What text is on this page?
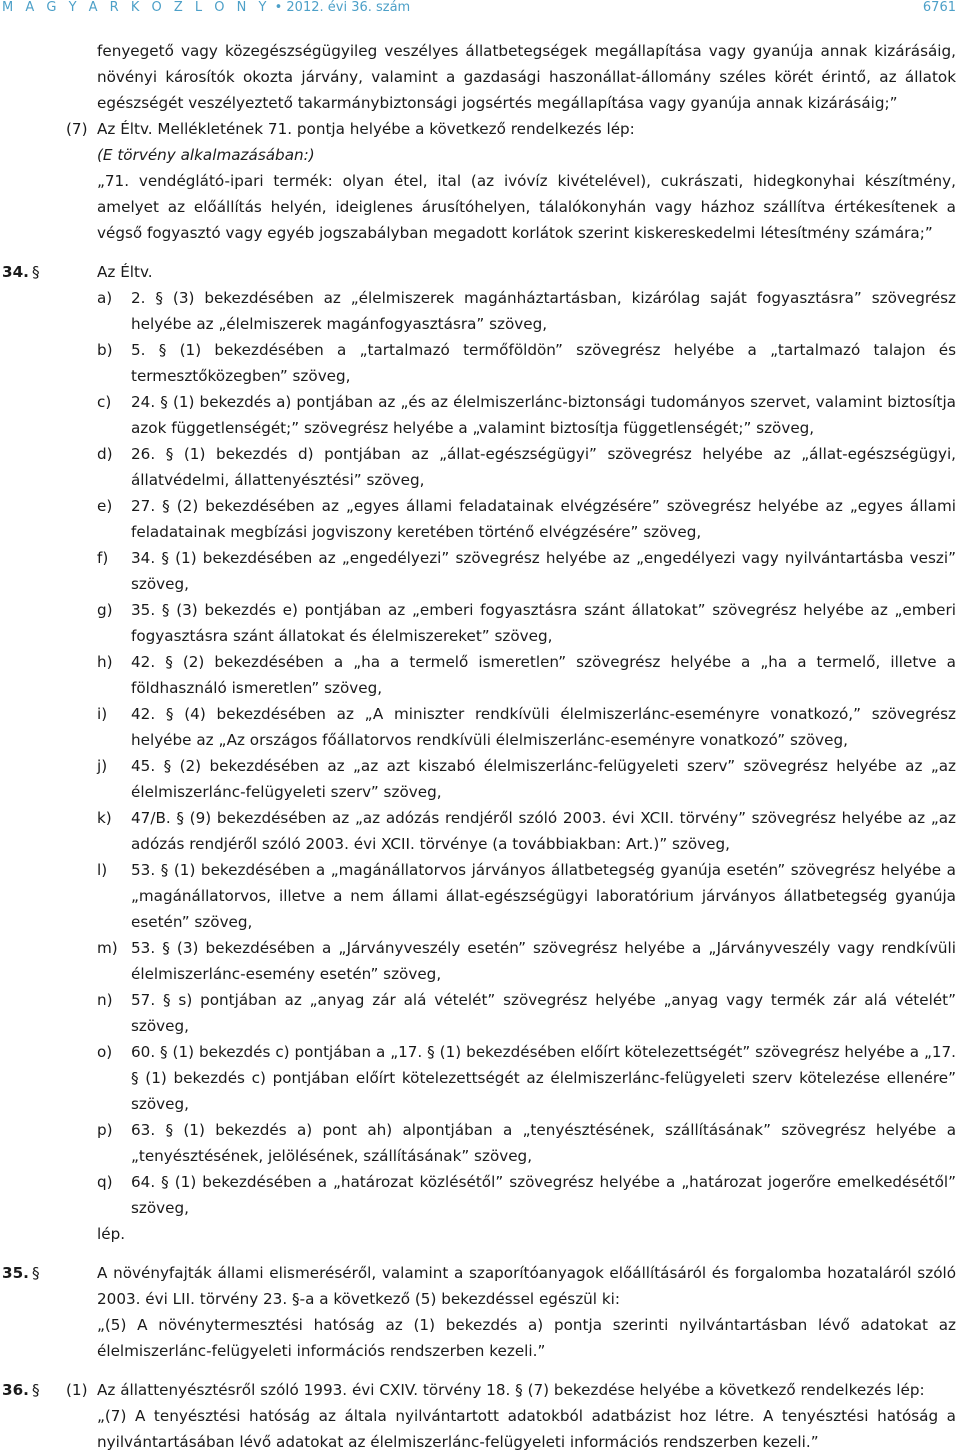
M A G Y A R K Ö Z L Ö N Y • 2012. évi 36. szám	6761

fenyegető vagy közegészségügyileg veszélyes állatbetegségek megállapítása vagy gyanúja annak kizárásáig, növényi károsítók okozta járvány, valamint a gazdasági haszonállat-állomány széles körét érintő, az állatok egészségét veszélyeztető takarmánybiztonsági jogsértés megállapítása vagy gyanúja annak kizárásáig;”

(7) Az Éltv. Mellékletének 71. pontja helyébe a következő rendelkezés lép:

(E törvény alkalmazásában:)

„71. vendéglátó-ipari termék: olyan étel, ital (az ivóvíz kivételével), cukrászati, hidegkonyhai készítmény, amelyet az előállítás helyén, ideiglenes árusítóhelyen, tálalókonyhán vagy házhoz szállítva értékesítenek a végső fogyasztó vagy egyéb jogszabályban megadott korlátok szerint kiskereskedelmi létesítmény számára;”

34. §	Az Éltv.

a) 2. § (3) bekezdésében az „élelmiszerek magánháztartásban, kizárólag saját fogyasztásra” szövegrész helyébe az „élelmiszerek magánfogyasztásra” szöveg,
b) 5. § (1) bekezdésében a „tartalmazó termőföldön” szövegrész helyébe a „tartalmazó talajon és termesztőközegben” szöveg,
c) 24. § (1) bekezdés a) pontjában az „és az élelmiszerlánc-biztonsági tudományos szervet, valamint biztosítja azok függetlenségét;” szövegrész helyébe a „valamint biztosítja függetlenségét;” szöveg,
d) 26. § (1) bekezdés d) pontjában az „állat-egészségügyi” szövegrész helyébe az „állat-egészségügyi, állatvédelmi, állattenyésztési” szöveg,
e) 27. § (2) bekezdésében az „egyes állami feladatainak elvégzésére” szövegrész helyébe az „egyes állami feladatainak megbízási jogviszony keretében történő elvégzésére” szöveg,
f) 34. § (1) bekezdésében az „engedélyezi” szövegrész helyébe az „engedélyezi vagy nyilvántartásba veszi” szöveg,
g) 35. § (3) bekezdés e) pontjában az „emberi fogyasztásra szánt állatokat” szövegrész helyébe az „emberi fogyasztásra szánt állatokat és élelmiszereket” szöveg,
h) 42. § (2) bekezdésében a „ha a termelő ismeretlen” szövegrész helyébe a „ha a termelő, illetve a földhasználó ismeretlen” szöveg,
i) 42. § (4) bekezdésében az „A miniszter rendkívüli élelmiszerlánc-eseményre vonatkozó,” szövegrész helyébe az „Az országos főállatorvos rendkívüli élelmiszerlánc-eseményre vonatkozó” szöveg,
j) 45. § (2) bekezdésében az „az azt kiszabó élelmiszerlánc-felügyeleti szerv” szövegrész helyébe az „az élelmiszerlánc-felügyeleti szerv” szöveg,
k) 47/B. § (9) bekezdésében az „az adózás rendjéről szóló 2003. évi XCII. törvény” szövegrész helyébe az „az adózás rendjéről szóló 2003. évi XCII. törvénye (a továbbiakban: Art.)” szöveg,
l) 53. § (1) bekezdésében a „magánállatorvos járványos állatbetegség gyanúja esetén” szövegrész helyébe a „magánállatorvos, illetve a nem állami állat-egészségügyi laboratórium járványos állatbetegség gyanúja esetén” szöveg,
m) 53. § (3) bekezdésében a „Járványveszély esetén” szövegrész helyébe a „Járványveszély vagy rendkívüli élelmiszerlánc-esemény esetén” szöveg,
n) 57. § s) pontjában az „anyag zár alá vételét” szövegrész helyébe „anyag vagy termék zár alá vételét” szöveg,
o) 60. § (1) bekezdés c) pontjában a „17. § (1) bekezdésében előírt kötelezettségét” szövegrész helyébe a „17. § (1) bekezdés c) pontjában előírt kötelezettségét az élelmiszerlánc-felügyeleti szerv kötelezése ellenére” szöveg,
p) 63. § (1) bekezdés a) pont ah) alpontjában a „tenyésztésének, szállításának” szövegrész helyébe a „tenyésztésének, jelölésének, szállításának” szöveg,
q) 64. § (1) bekezdésében a „határozat közlésétől” szövegrész helyébe a „határozat jogerőre emelkedésétől” szöveg,

lép.

35. §	A növényfajták állami elismeréséről, valamint a szaporítóanyagok előállításáról és forgalomba hozataláról szóló 2003. évi LII. törvény 23. §-a a következő (5) bekezdéssel egészül ki:

„(5) A növénytermesztési hatóság az (1) bekezdés a) pontja szerinti nyilvántartásban lévő adatokat az élelmiszerlánc-felügyeleti információs rendszerben kezeli.”

36. § (1) Az állattenyésztésről szóló 1993. évi CXIV. törvény 18. § (7) bekezdése helyébe a következő rendelkezés lép:

„(7) A tenyésztési hatóság az általa nyilvántartott adatokból adatbázist hoz létre. A tenyésztési hatóság a nyilvántartásában lévő adatokat az élelmiszerlánc-felügyeleti információs rendszerben kezeli.”
